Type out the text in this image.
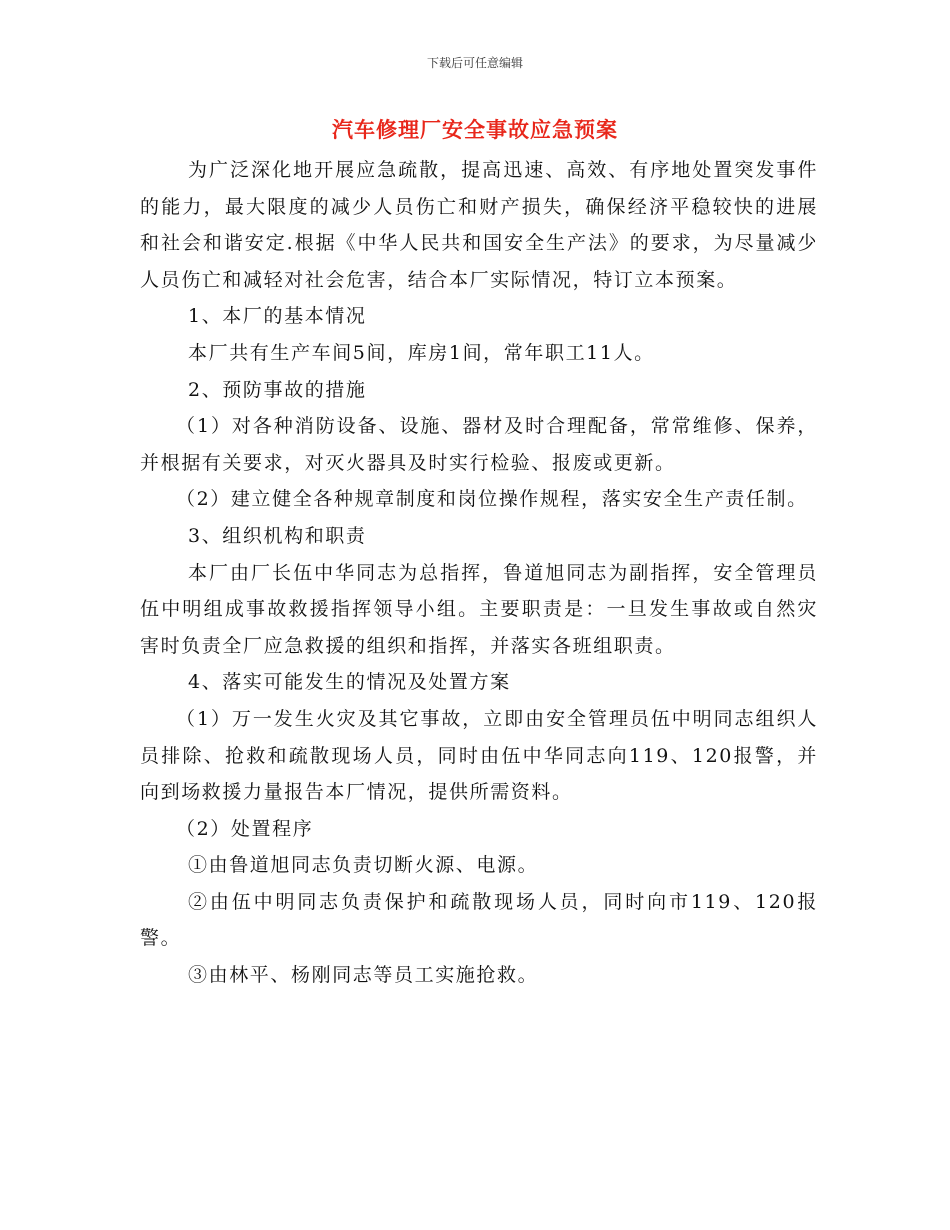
下载后可任意编辑
汽车修理厂安全事故应急预案

为广泛深化地开展应急疏散，提高迅速、高效、有序地处置突发事件的能力，最大限度的减少人员伤亡和财产损失，确保经济平稳较快的进展和社会和谐安定.根据《中华人民共和国安全生产法》的要求，为尽量减少人员伤亡和减轻对社会危害，结合本厂实际情况，特订立本预案。

1、本厂的基本情况

本厂共有生产车间5间，库房1间，常年职工11人。

2、预防事故的措施

（1）对各种消防设备、设施、器材及时合理配备，常常维修、保养，并根据有关要求，对灭火器具及时实行检验、报废或更新。

（2）建立健全各种规章制度和岗位操作规程，落实安全生产责任制。

3、组织机构和职责

本厂由厂长伍中华同志为总指挥，鲁道旭同志为副指挥，安全管理员伍中明组成事故救援指挥领导小组。主要职责是：一旦发生事故或自然灾害时负责全厂应急救援的组织和指挥，并落实各班组职责。

4、落实可能发生的情况及处置方案

（1）万一发生火灾及其它事故，立即由安全管理员伍中明同志组织人员排除、抢救和疏散现场人员，同时由伍中华同志向119、120报警，并向到场救援力量报告本厂情况，提供所需资料。

（2）处置程序

①由鲁道旭同志负责切断火源、电源。

②由伍中明同志负责保护和疏散现场人员，同时向市119、120报警。

③由林平、杨刚同志等员工实施抢救。
